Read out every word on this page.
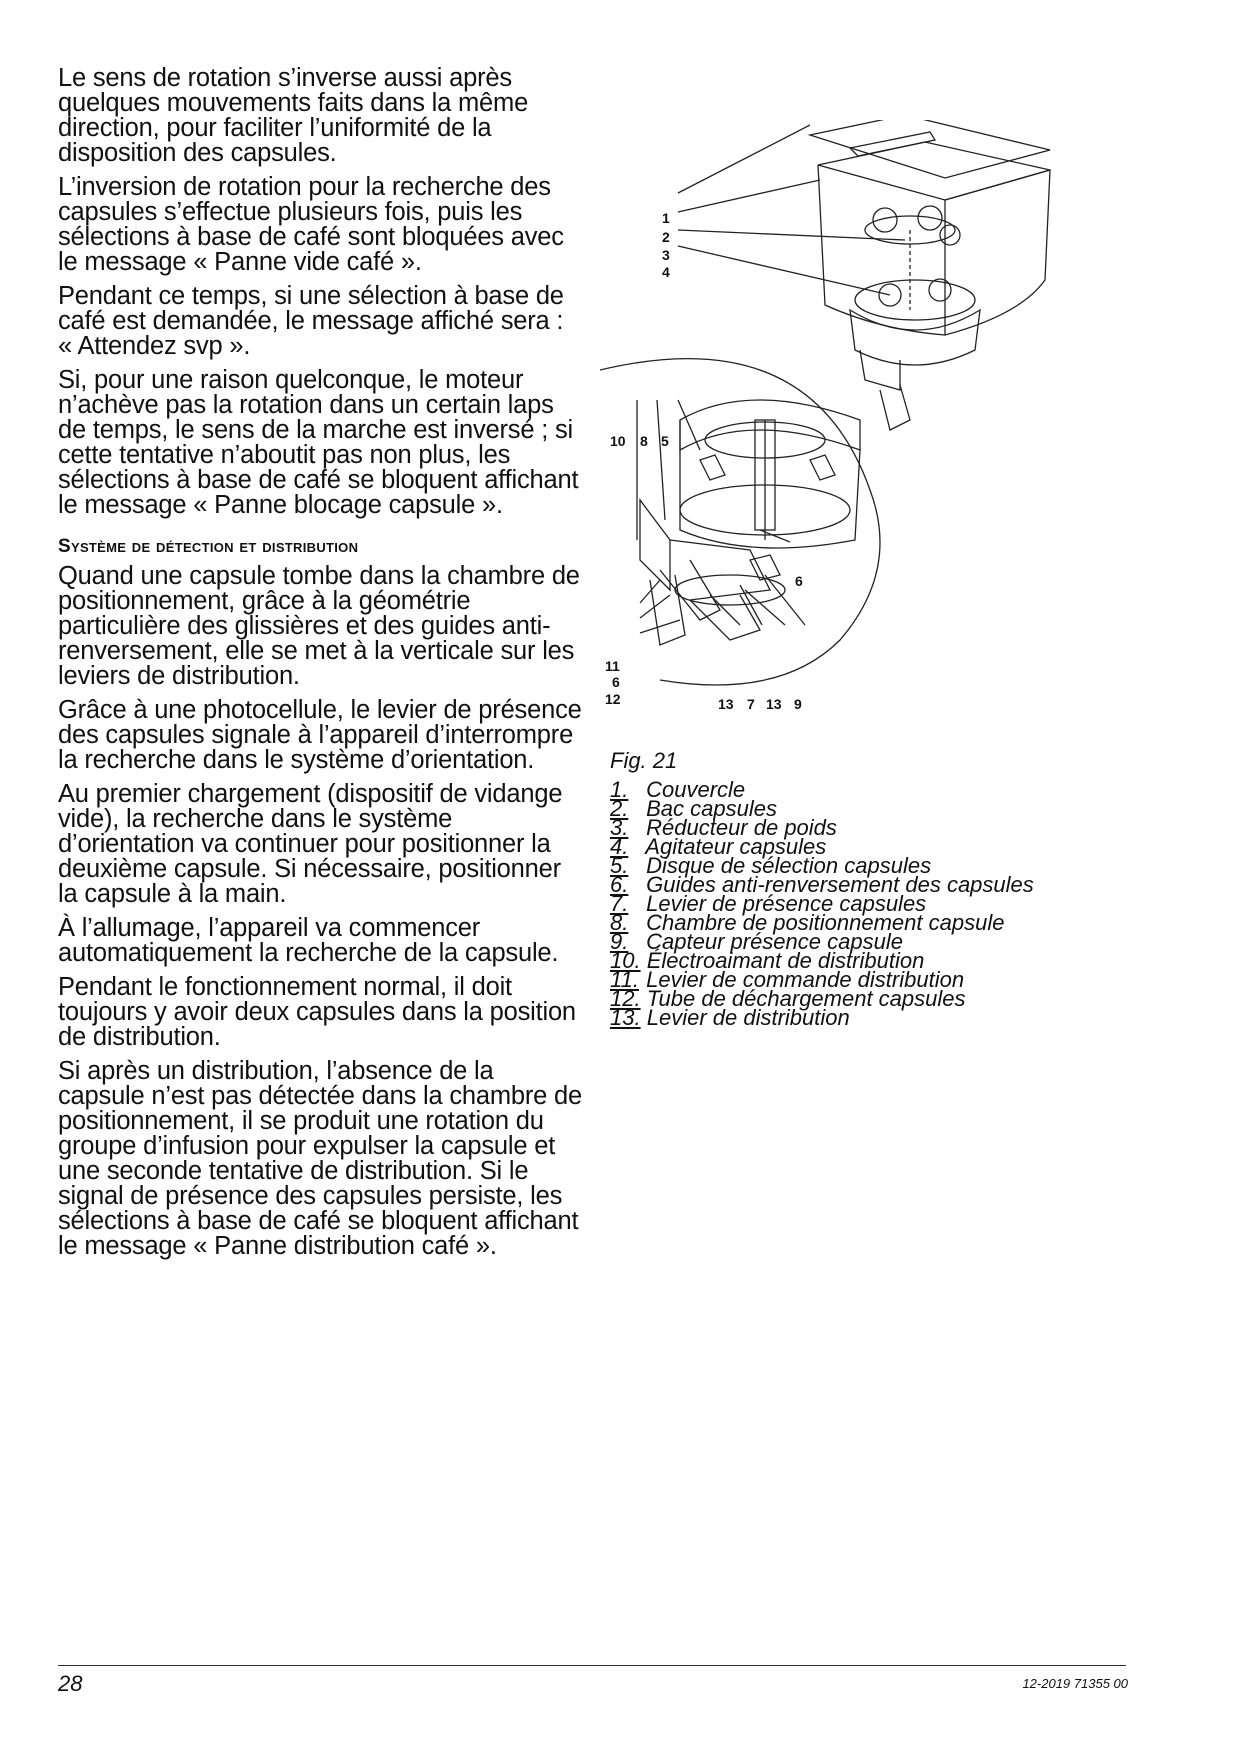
Le sens de rotation s’inverse aussi après quelques mouvements faits dans la même direction, pour faciliter l’uniformité de la disposition des capsules.

L’inversion de rotation pour la recherche des capsules s’effectue plusieurs fois, puis les sélections à base de café sont bloquées avec le message « Panne vide café ».

Pendant ce temps, si une sélection à base de café est demandée, le message affiché sera : « Attendez svp ».

Si, pour une raison quelconque, le moteur n’achève pas la rotation dans un certain laps de temps, le sens de la marche est inversé ; si cette tentative n’aboutit pas non plus, les sélections à base de café se bloquent affichant le message « Panne blocage capsule ».

Système de détection et distribution

Quand une capsule tombe dans la chambre de positionnement, grâce à la géométrie particulière des glissières et des guides anti-renversement, elle se met à la verticale sur les leviers de distribution.

Grâce à une photocellule, le levier de présence des capsules signale à l’appareil d’interrompre la recherche dans le système d’orientation.

Au premier chargement (dispositif de vidange vide), la recherche dans le système d’orientation va continuer pour positionner la deuxième capsule. Si nécessaire, positionner la capsule à la main.

À l’allumage, l’appareil va commencer automatiquement la recherche de la capsule.

Pendant le fonctionnement normal, il doit toujours y avoir deux capsules dans la position de distribution.

Si après un distribution, l’absence de la capsule n’est pas détectée dans la chambre de positionnement, il se produit une rotation du groupe d’infusion pour expulser la capsule et une seconde tentative de distribution. Si le signal de présence des capsules persiste, les sélections à base de café se bloquent affichant le message « Panne distribution café ».

1
2
3
4
10 8 5
6
11
6
12	13 7 13 9
Fig. 21
1. Couvercle
2. Bac capsules
3. Réducteur de poids
4. Agitateur capsules
5. Disque de sélection capsules
6. Guides anti-renversement des capsules
7. Levier de présence capsules
8. Chambre de positionnement capsule
9. Capteur présence capsule
10. Électroaimant de distribution
11. Levier de commande distribution
12. Tube de déchargement capsules
13. Levier de distribution
28	12-2019 71355 00
